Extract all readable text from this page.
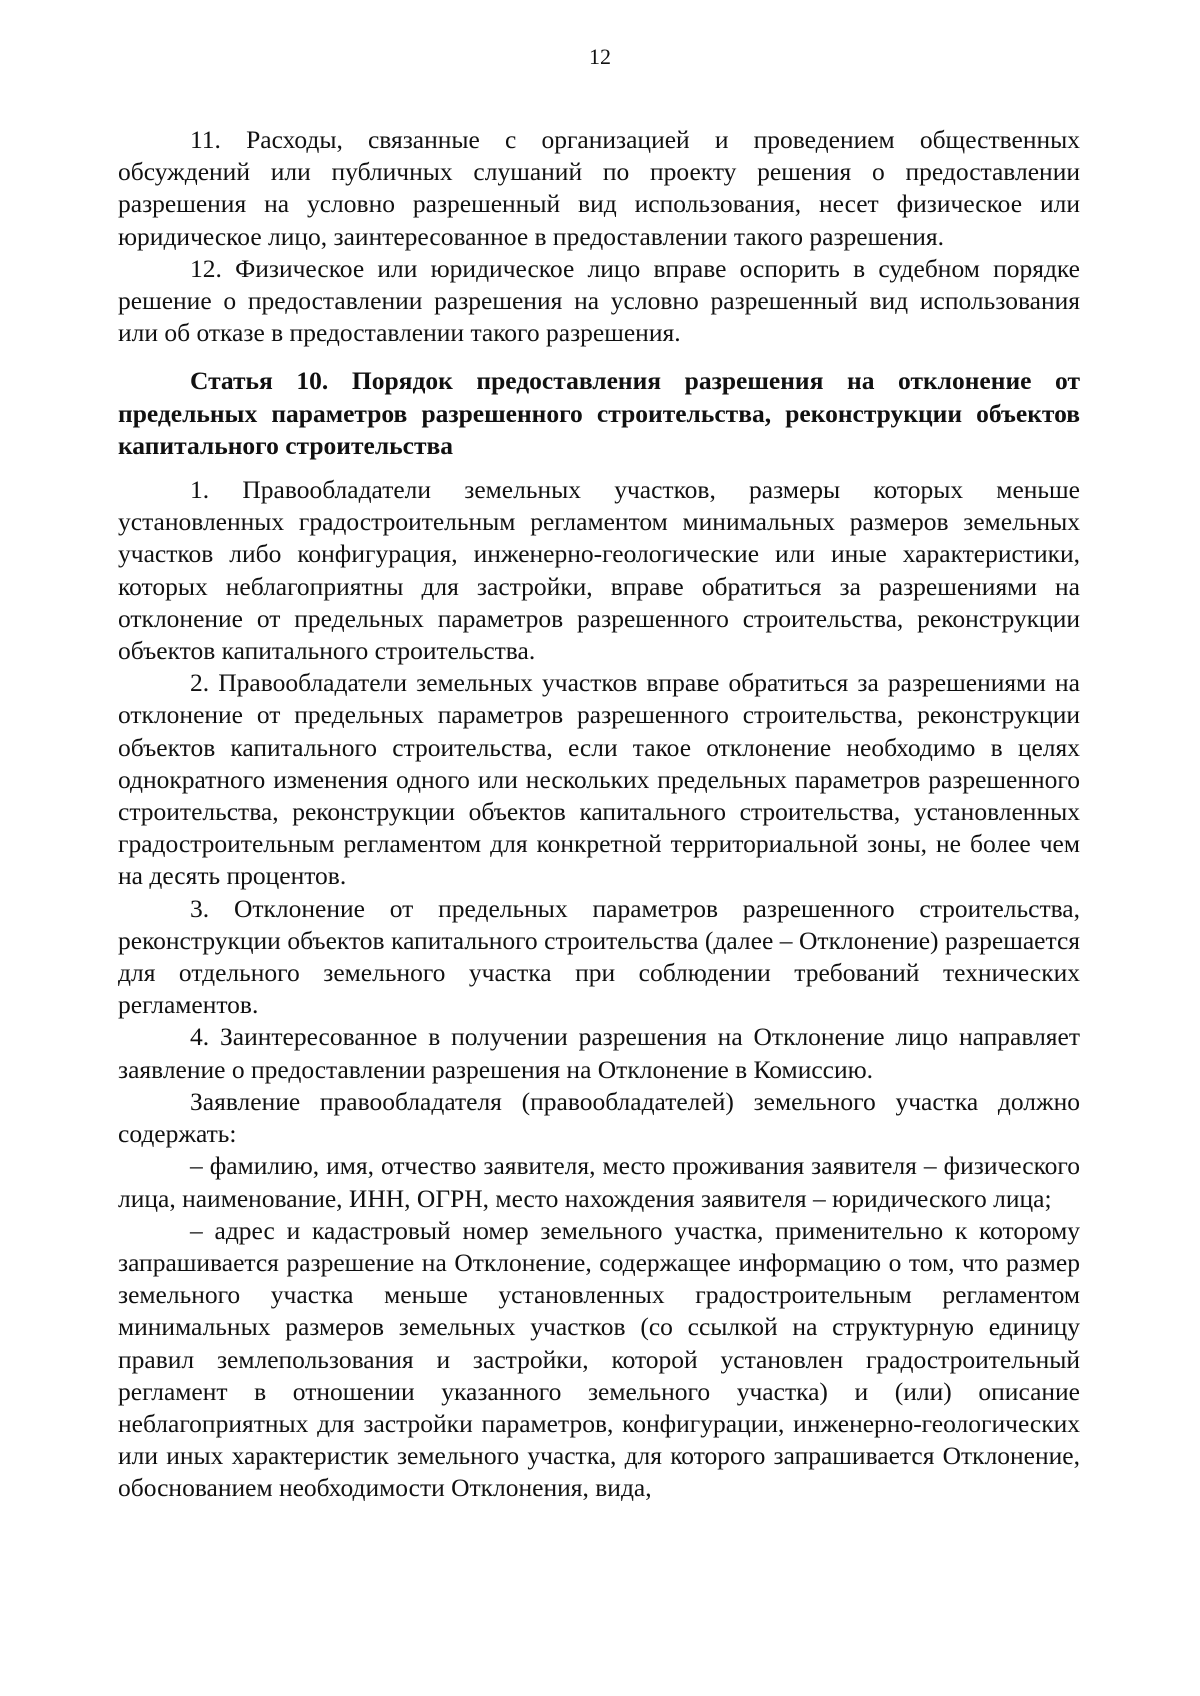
12

11. Расходы, связанные с организацией и проведением общественных обсуждений или публичных слушаний по проекту решения о предоставлении разрешения на условно разрешенный вид использования, несет физическое или юридическое лицо, заинтересованное в предоставлении такого разрешения.

12. Физическое или юридическое лицо вправе оспорить в судебном порядке решение о предоставлении разрешения на условно разрешенный вид использования или об отказе в предоставлении такого разрешения.

Статья 10. Порядок предоставления разрешения на отклонение от предельных параметров разрешенного строительства, реконструкции объектов капитального строительства

1. Правообладатели земельных участков, размеры которых меньше установленных градостроительным регламентом минимальных размеров земельных участков либо конфигурация, инженерно-геологические или иные характеристики, которых неблагоприятны для застройки, вправе обратиться за разрешениями на отклонение от предельных параметров разрешенного строительства, реконструкции объектов капитального строительства.

2. Правообладатели земельных участков вправе обратиться за разрешениями на отклонение от предельных параметров разрешенного строительства, реконструкции объектов капитального строительства, если такое отклонение необходимо в целях однократного изменения одного или нескольких предельных параметров разрешенного строительства, реконструкции объектов капитального строительства, установленных градостроительным регламентом для конкретной территориальной зоны, не более чем на десять процентов.

3. Отклонение от предельных параметров разрешенного строительства, реконструкции объектов капитального строительства (далее – Отклонение) разрешается для отдельного земельного участка при соблюдении требований технических регламентов.

4. Заинтересованное в получении разрешения на Отклонение лицо направляет заявление о предоставлении разрешения на Отклонение в Комиссию.

Заявление правообладателя (правообладателей) земельного участка должно содержать:

– фамилию, имя, отчество заявителя, место проживания заявителя – физического лица, наименование, ИНН, ОГРН, место нахождения заявителя – юридического лица;

– адрес и кадастровый номер земельного участка, применительно к которому запрашивается разрешение на Отклонение, содержащее информацию о том, что размер земельного участка меньше установленных градостроительным регламентом минимальных размеров земельных участков (со ссылкой на структурную единицу правил землепользования и застройки, которой установлен градостроительный регламент в отношении указанного земельного участка) и (или) описание неблагоприятных для застройки параметров, конфигурации, инженерно-геологических или иных характеристик земельного участка, для которого запрашивается Отклонение, обоснованием необходимости Отклонения, вида,
